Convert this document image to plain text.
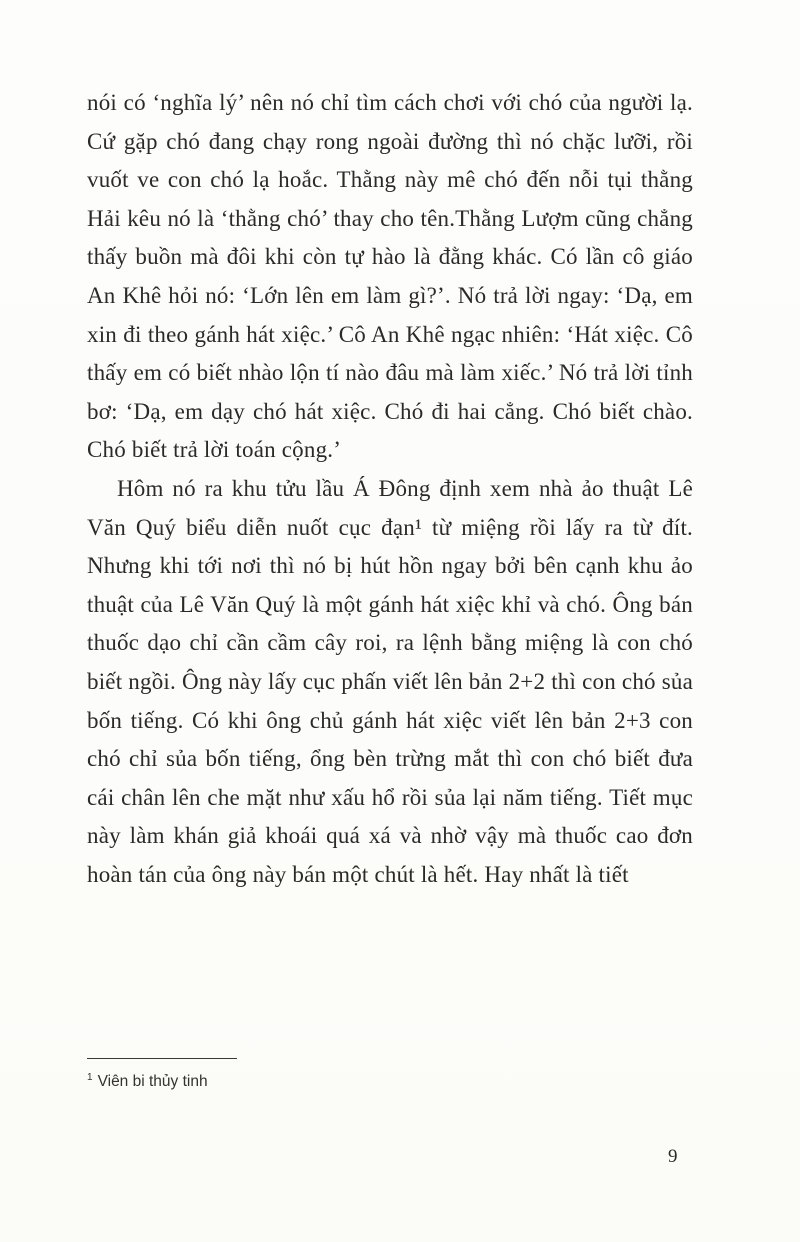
nói có ‘nghĩa lý’ nên nó chỉ tìm cách chơi với chó của người lạ. Cứ gặp chó đang chạy rong ngoài đường thì nó chặc lưỡi, rồi vuốt ve con chó lạ hoắc. Thằng này mê chó đến nỗi tụi thằng Hải kêu nó là ‘thằng chó’ thay cho tên.Thằng Lượm cũng chẳng thấy buồn mà đôi khi còn tự hào là đằng khác. Có lần cô giáo An Khê hỏi nó: ‘Lớn lên em làm gì?’. Nó trả lời ngay: ‘Dạ, em xin đi theo gánh hát xiệc.’ Cô An Khê ngạc nhiên: ‘Hát xiệc. Cô thấy em có biết nhào lộn tí nào đâu mà làm xiếc.’ Nó trả lời tỉnh bơ: ‘Dạ, em dạy chó hát xiệc. Chó đi hai cẳng. Chó biết chào. Chó biết trả lời toán cộng.’

Hôm nó ra khu tửu lầu Á Đông định xem nhà ảo thuật Lê Văn Quý biểu diễn nuốt cục đạn¹ từ miệng rồi lấy ra từ đít. Nhưng khi tới nơi thì nó bị hút hồn ngay bởi bên cạnh khu ảo thuật của Lê Văn Quý là một gánh hát xiệc khỉ và chó. Ông bán thuốc dạo chỉ cần cầm cây roi, ra lệnh bằng miệng là con chó biết ngồi. Ông này lấy cục phấn viết lên bản 2+2 thì con chó sủa bốn tiếng. Có khi ông chủ gánh hát xiệc viết lên bản 2+3 con chó chỉ sủa bốn tiếng, ổng bèn trừng mắt thì con chó biết đưa cái chân lên che mặt như xấu hổ rồi sủa lại năm tiếng. Tiết mục này làm khán giả khoái quá xá và nhờ vậy mà thuốc cao đơn hoàn tán của ông này bán một chút là hết. Hay nhất là tiết

$^1$ Viên bi thủy tinh
9
